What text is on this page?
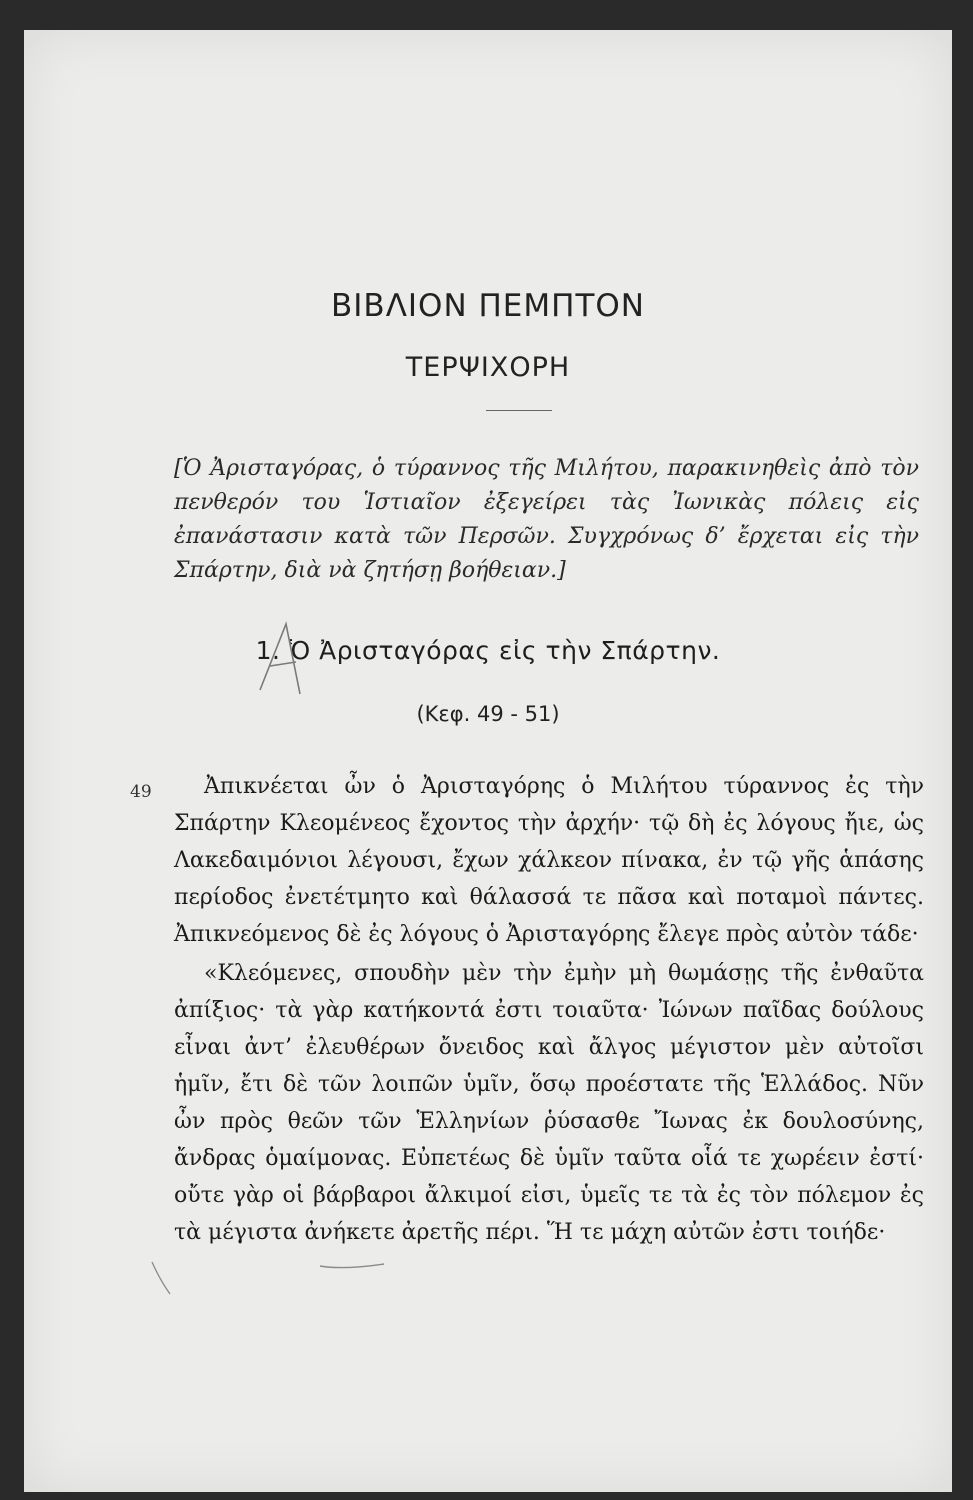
ΒΙΒΛΙΟΝ ΠΕΜΠΤΟΝ
ΤΕΡΨΙΧΟΡΗ
[Ὁ Ἀρισταγόρας, ὁ τύραννος τῆς Μιλήτου, παρακινηθεὶς ἀπὸ τὸν πενθερόν του Ἱστιαῖον ἐξεγείρει τὰς Ἰωνικὰς πόλεις εἰς ἐπανάστασιν κατὰ τῶν Περσῶν. Συγχρόνως δ’ ἔρχεται εἰς τὴν Σπάρτην, διὰ νὰ ζητήσῃ βοήθειαν.]
1. Ὁ Ἀρισταγόρας εἰς τὴν Σπάρτην.
(Κεφ. 49 - 51)
49	Ἀπικνέεται ὦν ὁ Ἀρισταγόρης ὁ Μιλήτου τύραννος ἐς τὴν Σπάρτην Κλεομένεος ἔχοντος τὴν ἀρχήν· τῷ δὴ ἐς λόγους ἤιε, ὡς Λακεδαιμόνιοι λέγουσι, ἔχων χάλκεον πίνακα, ἐν τῷ γῆς ἁπάσης περίοδος ἐνετέτμητο καὶ θάλασσά τε πᾶσα καὶ ποταμοὶ πάντες. Ἀπικνεόμενος δὲ ἐς λόγους ὁ Ἀρισταγόρης ἔλεγε πρὸς αὐτὸν τάδε·

«Κλεόμενες, σπουδὴν μὲν τὴν ἐμὴν μὴ θωμάσῃς τῆς ἐνθαῦτα ἀπίξιος· τὰ γὰρ κατήκοντά ἐστι τοιαῦτα· Ἰώνων παῖδας δούλους εἶναι ἀντ’ ἐλευθέρων ὄνειδος καὶ ἄλγος μέγιστον μὲν αὐτοῖσι ἡμῖν, ἔτι δὲ τῶν λοιπῶν ὑμῖν, ὅσῳ προέστατε τῆς Ἑλλάδος. Νῦν ὦν πρὸς θεῶν τῶν Ἑλληνίων ῥύσασθε Ἴωνας ἐκ δουλοσύνης, ἄνδρας ὁμαίμονας. Εὐπετέως δὲ ὑμῖν ταῦτα οἷά τε χωρέειν ἐστί· οὔτε γὰρ οἱ βάρβαροι ἄλκιμοί εἰσι, ὑμεῖς τε τὰ ἐς τὸν πόλεμον ἐς τὰ μέγιστα ἀνήκετε ἀρετῆς πέρι. Ἥ τε μάχη αὐτῶν ἐστι τοιήδε·
